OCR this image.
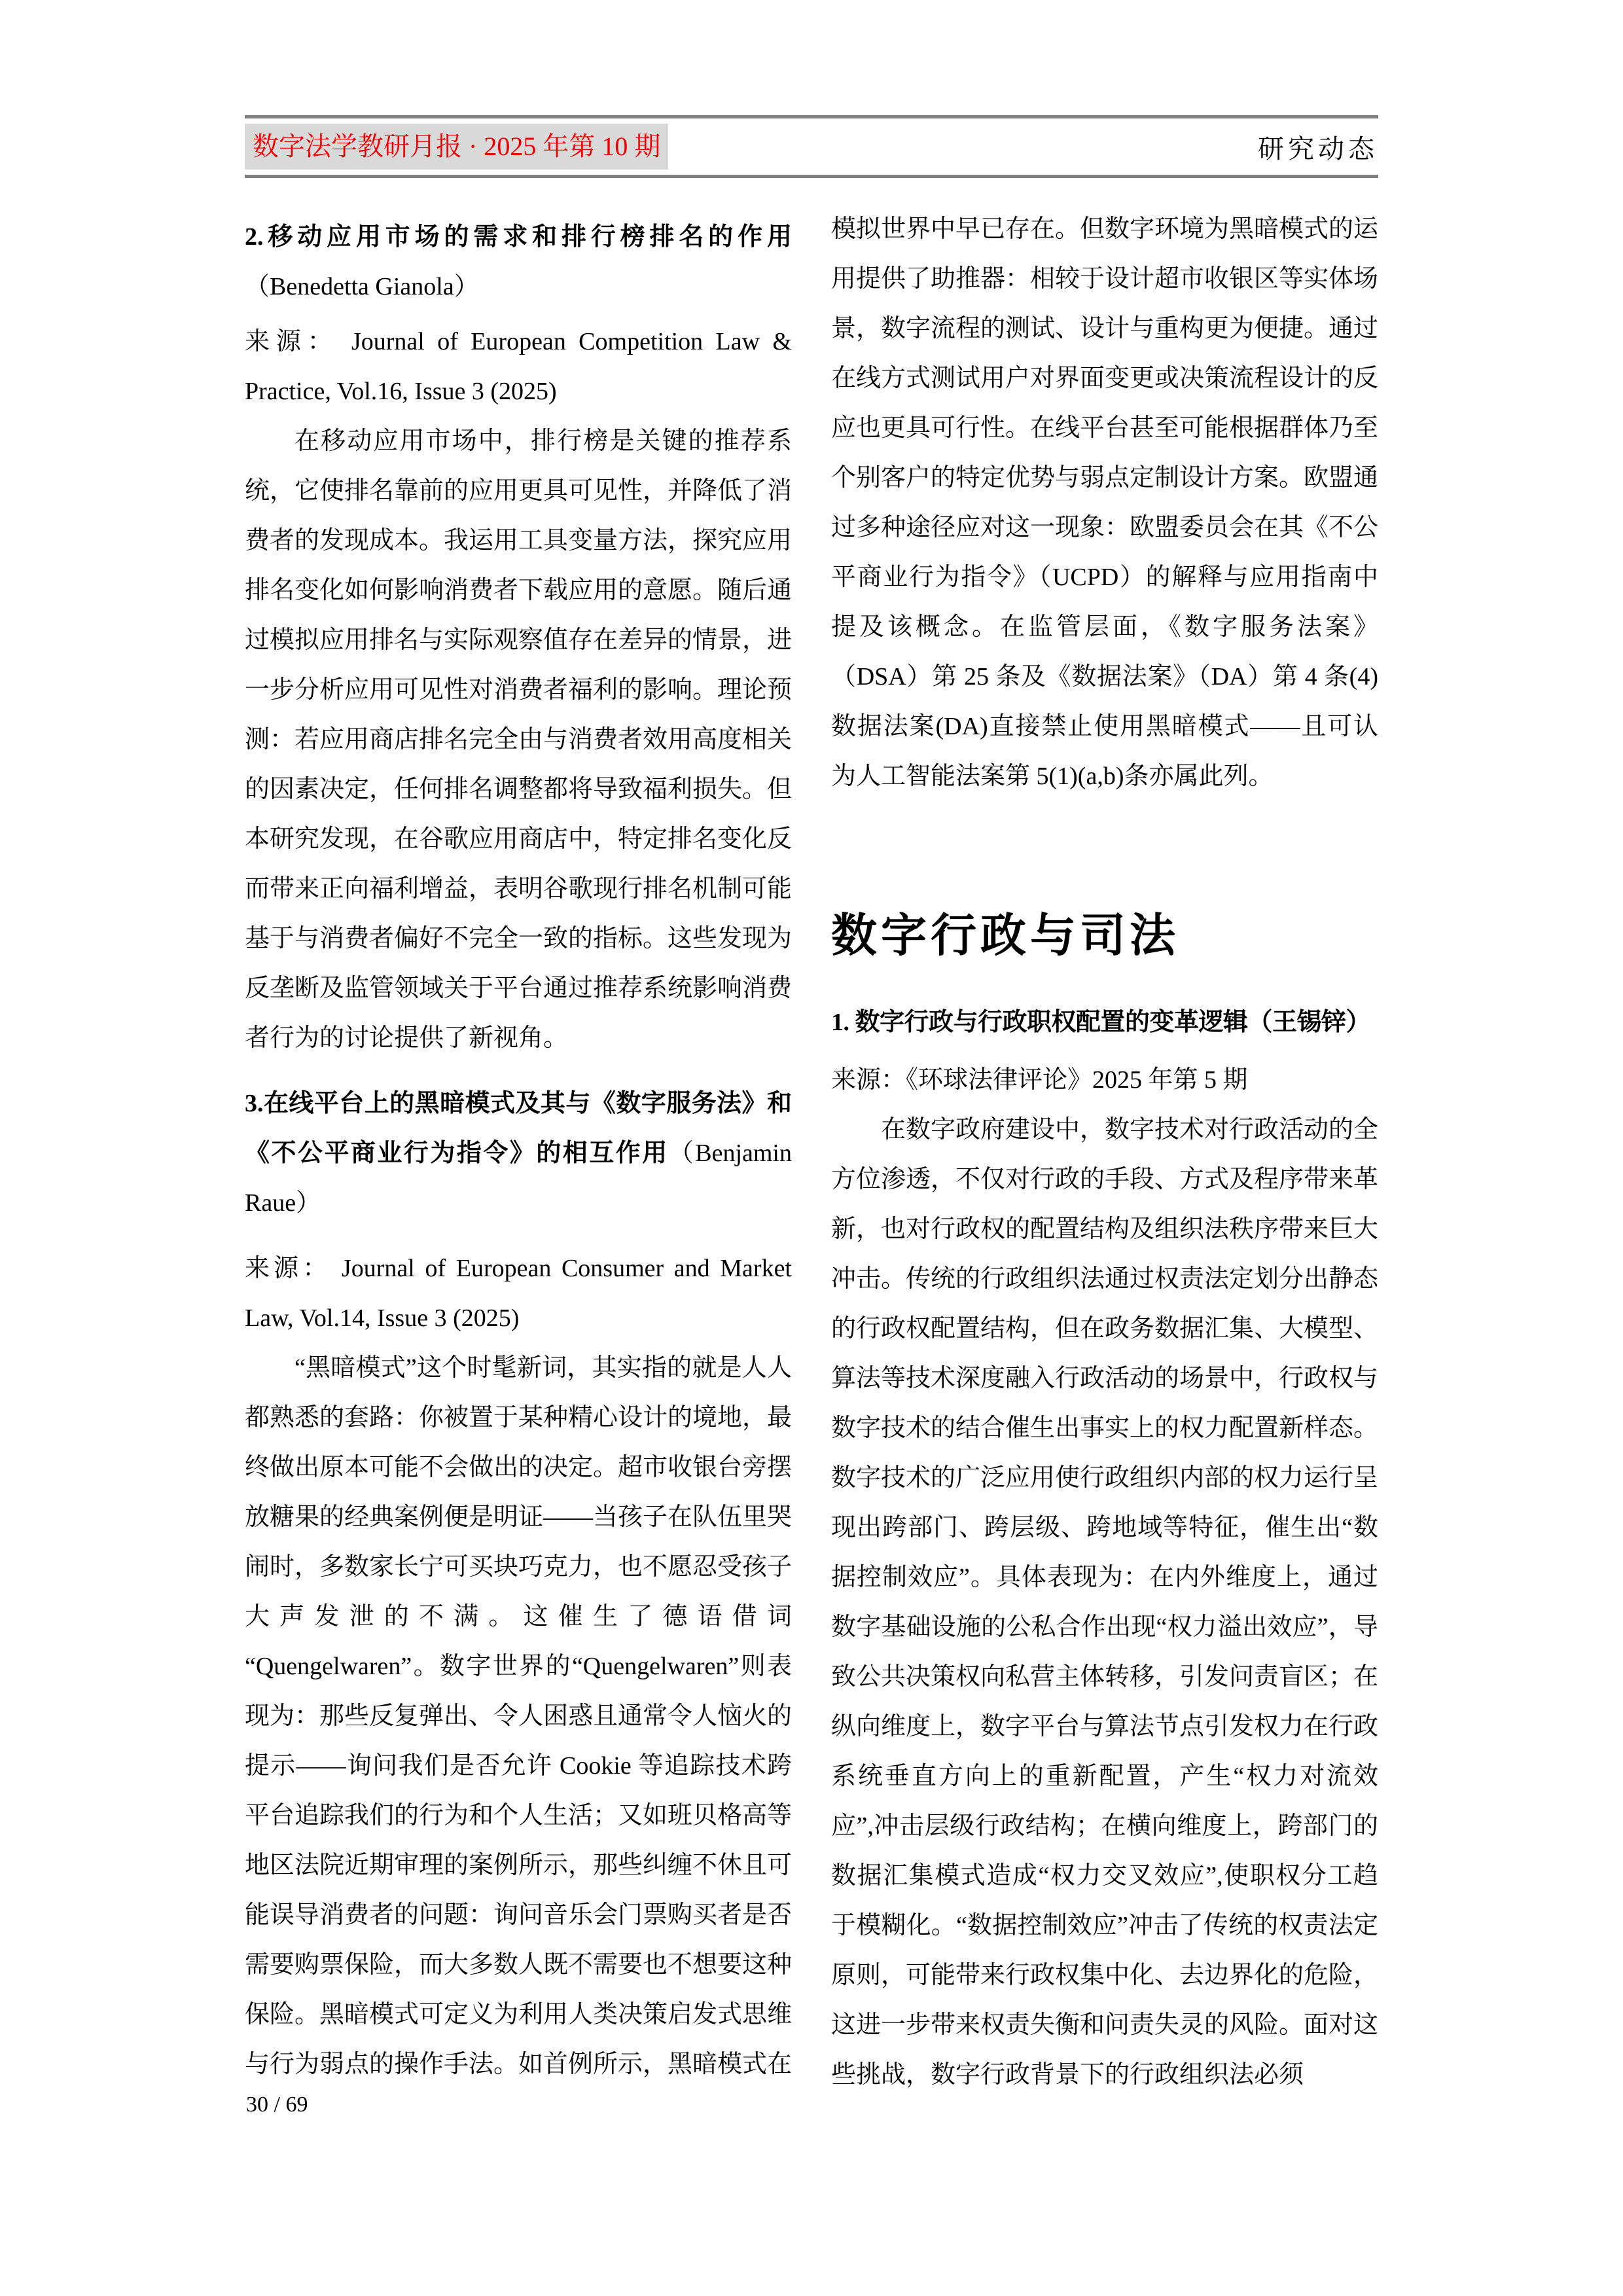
数字法学教研月报 · 2025 年第 10 期	研究动态
2.移动应用市场的需求和排行榜排名的作用（Benedetta Gianola）

来源： Journal of European Competition Law & Practice, Vol.16, Issue 3 (2025)

在移动应用市场中，排行榜是关键的推荐系统，它使排名靠前的应用更具可见性，并降低了消费者的发现成本。我运用工具变量方法，探究应用排名变化如何影响消费者下载应用的意愿。随后通过模拟应用排名与实际观察值存在差异的情景，进一步分析应用可见性对消费者福利的影响。理论预测：若应用商店排名完全由与消费者效用高度相关的因素决定，任何排名调整都将导致福利损失。但本研究发现，在谷歌应用商店中，特定排名变化反而带来正向福利增益，表明谷歌现行排名机制可能基于与消费者偏好不完全一致的指标。这些发现为反垄断及监管领域关于平台通过推荐系统影响消费者行为的讨论提供了新视角。

3.在线平台上的黑暗模式及其与《数字服务法》和《不公平商业行为指令》的相互作用（Benjamin Raue）

来源： Journal of European Consumer and Market Law, Vol.14, Issue 3 (2025)

“黑暗模式”这个时髦新词，其实指的就是人人都熟悉的套路：你被置于某种精心设计的境地，最终做出原本可能不会做出的决定。超市收银台旁摆放糖果的经典案例便是明证——当孩子在队伍里哭闹时，多数家长宁可买块巧克力，也不愿忍受孩子大声发泄的不满。这催生了德语借词“Quengelwaren”。数字世界的“Quengelwaren”则表现为：那些反复弹出、令人困惑且通常令人恼火的提示——询问我们是否允许 Cookie 等追踪技术跨平台追踪我们的行为和个人生活；又如班贝格高等地区法院近期审理的案例所示，那些纠缠不休且可能误导消费者的问题：询问音乐会门票购买者是否需要购票保险，而大多数人既不需要也不想要这种保险。黑暗模式可定义为利用人类决策启发式思维与行为弱点的操作手法。如首例所示，黑暗模式在

模拟世界中早已存在。但数字环境为黑暗模式的运用提供了助推器：相较于设计超市收银区等实体场景，数字流程的测试、设计与重构更为便捷。通过在线方式测试用户对界面变更或决策流程设计的反应也更具可行性。在线平台甚至可能根据群体乃至个别客户的特定优势与弱点定制设计方案。欧盟通过多种途径应对这一现象：欧盟委员会在其《不公平商业行为指令》（UCPD）的解释与应用指南中提及该概念。在监管层面，《数字服务法案》（DSA）第 25 条及《数据法案》（DA）第 4 条(4)数据法案(DA)直接禁止使用黑暗模式——且可认为人工智能法案第 5(1)(a,b)条亦属此列。

数字行政与司法
1. 数字行政与行政职权配置的变革逻辑（王锡锌）

来源：《环球法律评论》2025 年第 5 期

在数字政府建设中，数字技术对行政活动的全方位渗透，不仅对行政的手段、方式及程序带来革新，也对行政权的配置结构及组织法秩序带来巨大冲击。传统的行政组织法通过权责法定划分出静态的行政权配置结构，但在政务数据汇集、大模型、算法等技术深度融入行政活动的场景中，行政权与数字技术的结合催生出事实上的权力配置新样态。数字技术的广泛应用使行政组织内部的权力运行呈现出跨部门、跨层级、跨地域等特征，催生出“数据控制效应”。具体表现为：在内外维度上，通过数字基础设施的公私合作出现“权力溢出效应”，导致公共决策权向私营主体转移，引发问责盲区；在纵向维度上，数字平台与算法节点引发权力在行政系统垂直方向上的重新配置，产生“权力对流效应”,冲击层级行政结构；在横向维度上，跨部门的数据汇集模式造成“权力交叉效应”,使职权分工趋于模糊化。“数据控制效应”冲击了传统的权责法定原则，可能带来行政权集中化、去边界化的危险，这进一步带来权责失衡和问责失灵的风险。面对这些挑战，数字行政背景下的行政组织法必须

30 / 69
